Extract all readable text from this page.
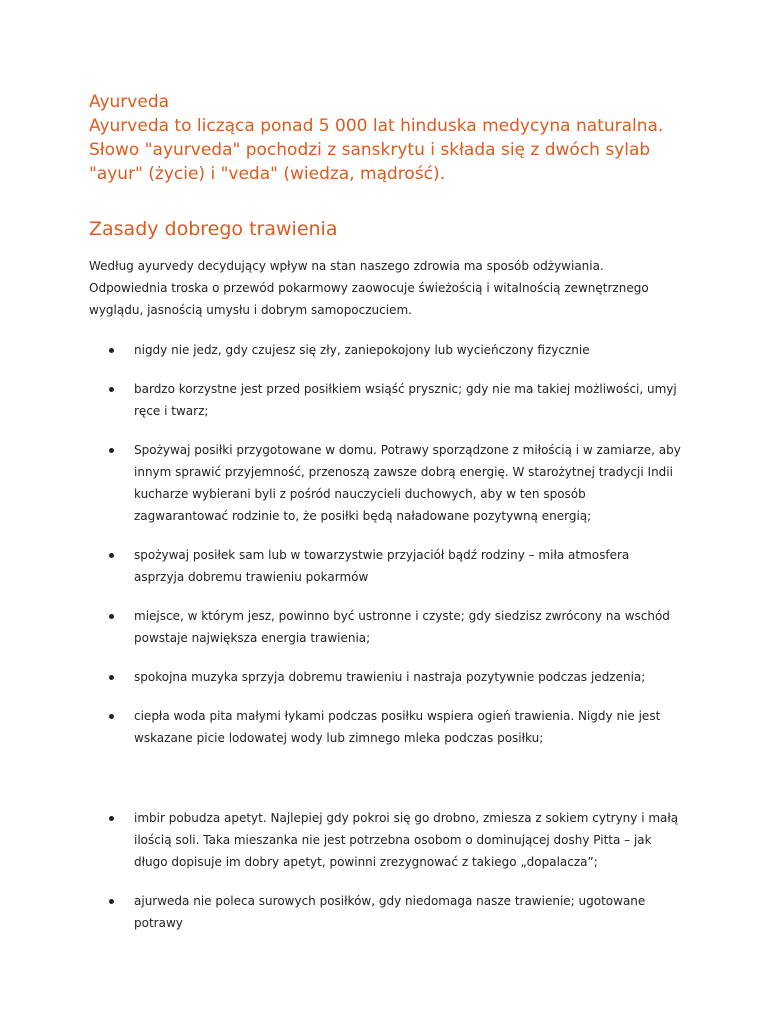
Ayurveda

Ayurveda to licząca ponad 5 000 lat hinduska medycyna naturalna. Słowo "ayurveda" pochodzi z sanskrytu i składa się z dwóch sylab "ayur" (życie) i "veda" (wiedza, mądrość).

Zasady dobrego trawienia

Według ayurvedy decydujący wpływ na stan naszego zdrowia ma sposób odżywiania. Odpowiednia troska o przewód pokarmowy zaowocuje świeżością i witalnością zewnętrznego wyglądu, jasnością umysłu i dobrym samopoczuciem.

nigdy nie jedz, gdy czujesz się zły, zaniepokojony lub wycieńczony fizycznie
bardzo korzystne jest przed posiłkiem wsiąść prysznic; gdy nie ma takiej możliwości, umyj ręce i twarz;
Spożywaj posiłki przygotowane w domu. Potrawy sporządzone z miłością i w zamiarze, aby innym sprawić przyjemność, przenoszą zawsze dobrą energię. W starożytnej tradycji Indii kucharze wybierani byli z pośród nauczycieli duchowych, aby w ten sposób zagwarantować rodzinie to, że posiłki będą naładowane pozytywną energią;
spożywaj posiłek sam lub w towarzystwie przyjaciół bądź rodziny – miła atmosfera asprzyja dobremu trawieniu pokarmów
miejsce, w którym jesz, powinno być ustronne i czyste; gdy siedzisz zwrócony na wschód powstaje największa energia trawienia;
spokojna muzyka sprzyja dobremu trawieniu i nastraja pozytywnie podczas jedzenia;
ciepła woda pita małymi łykami podczas posiłku wspiera ogień trawienia. Nigdy nie jest wskazane picie lodowatej wody lub zimnego mleka podczas posiłku;
imbir pobudza apetyt. Najlepiej gdy pokroi się go drobno, zmiesza z sokiem cytryny i małą ilością soli. Taka mieszanka nie jest potrzebna osobom o dominującej doshy Pitta – jak długo dopisuje im dobry apetyt, powinni zrezygnować z takiego „dopalacza”;
ajurweda nie poleca surowych posiłków, gdy niedomaga nasze trawienie; ugotowane potrawy
